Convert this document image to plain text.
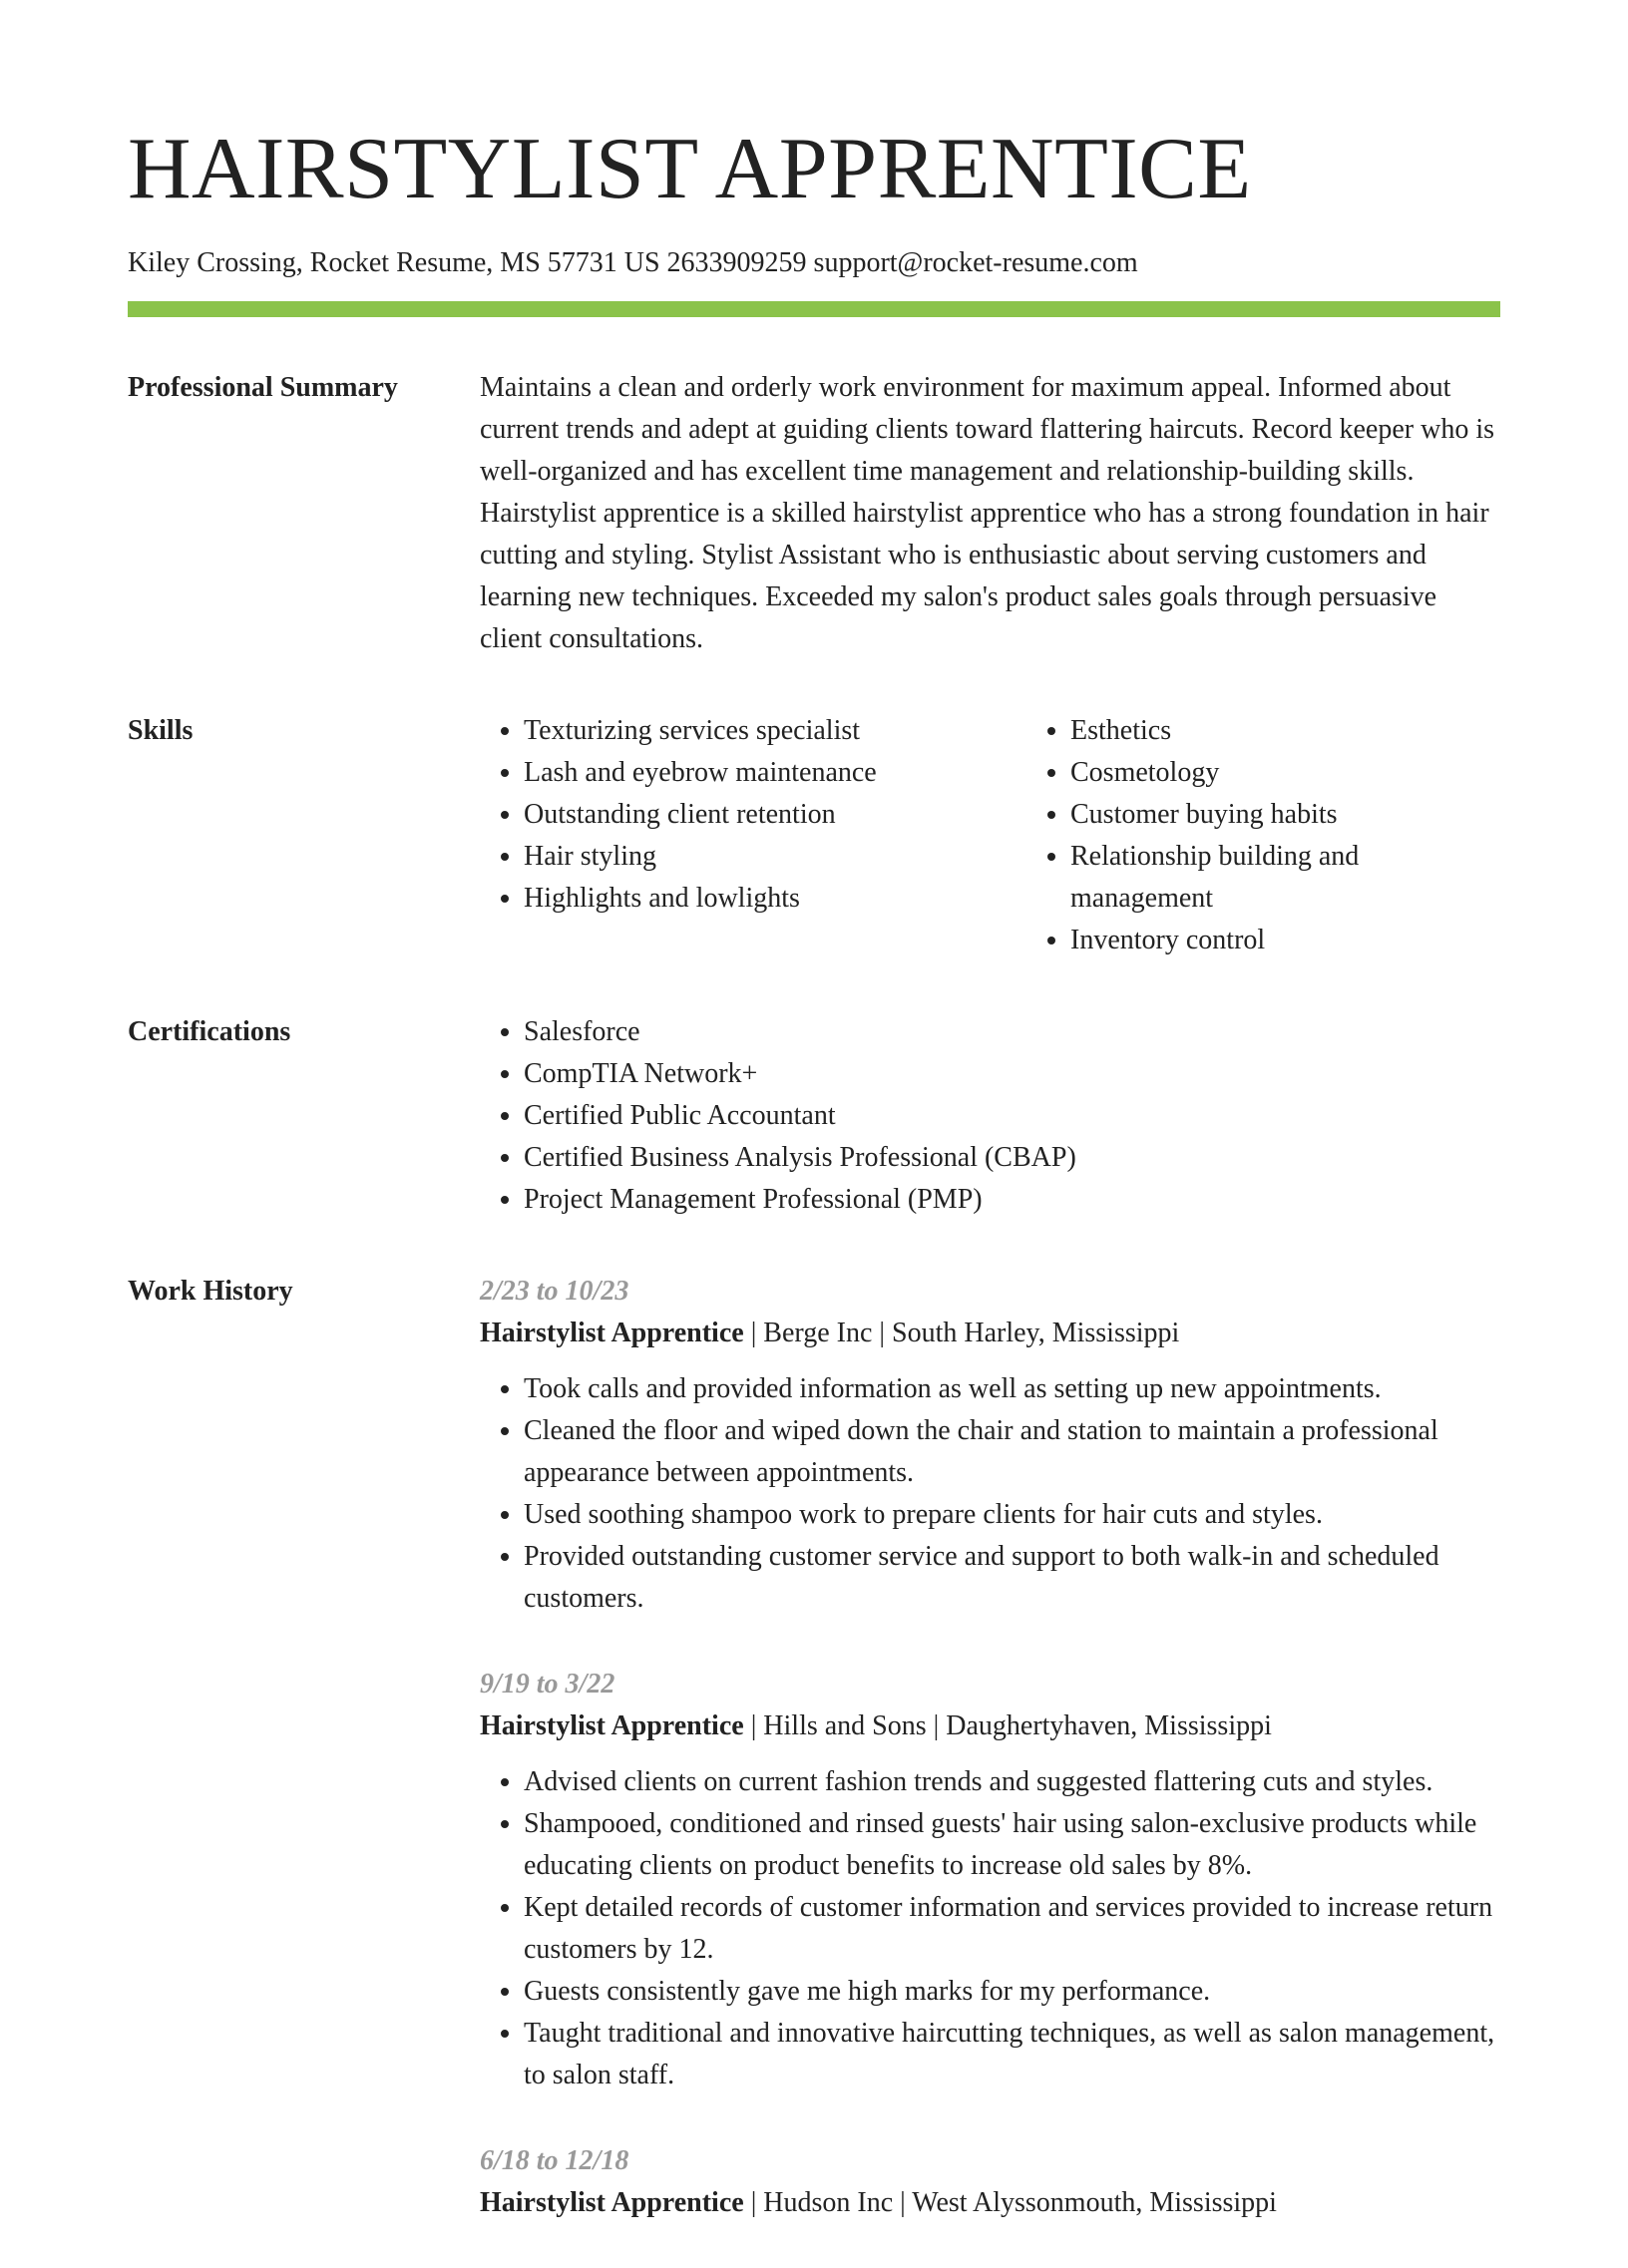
HAIRSTYLIST APPRENTICE
Kiley Crossing, Rocket Resume, MS 57731 US 2633909259 support@rocket-resume.com
Professional Summary	Maintains a clean and orderly work environment for maximum appeal. Informed about current trends and adept at guiding clients toward flattering haircuts. Record keeper who is well-organized and has excellent time management and relationship-building skills. Hairstylist apprentice is a skilled hairstylist apprentice who has a strong foundation in hair cutting and styling. Stylist Assistant who is enthusiastic about serving customers and learning new techniques. Exceeded my salon's product sales goals through persuasive client consultations.

Skills	• Texturizing services specialist
• Lash and eyebrow maintenance
• Outstanding client retention
• Hair styling
• Highlights and lowlights
• Esthetics
• Cosmetology
• Customer buying habits
• Relationship building and management
• Inventory control
Certifications	• Salesforce
• CompTIA Network+
• Certified Public Accountant
• Certified Business Analysis Professional (CBAP)
• Project Management Professional (PMP)
Work History	2/23 to 10/23
Hairstylist Apprentice | Berge Inc | South Harley, Mississippi
• Took calls and provided information as well as setting up new appointments.
• Cleaned the floor and wiped down the chair and station to maintain a professional appearance between appointments.
• Used soothing shampoo work to prepare clients for hair cuts and styles.
• Provided outstanding customer service and support to both walk-in and scheduled customers.
9/19 to 3/22
Hairstylist Apprentice | Hills and Sons | Daughertyhaven, Mississippi
• Advised clients on current fashion trends and suggested flattering cuts and styles.
• Shampooed, conditioned and rinsed guests' hair using salon-exclusive products while educating clients on product benefits to increase old sales by 8%.
• Kept detailed records of customer information and services provided to increase return customers by 12.
• Guests consistently gave me high marks for my performance.
• Taught traditional and innovative haircutting techniques, as well as salon management, to salon staff.
6/18 to 12/18
Hairstylist Apprentice | Hudson Inc | West Alyssonmouth, Mississippi
